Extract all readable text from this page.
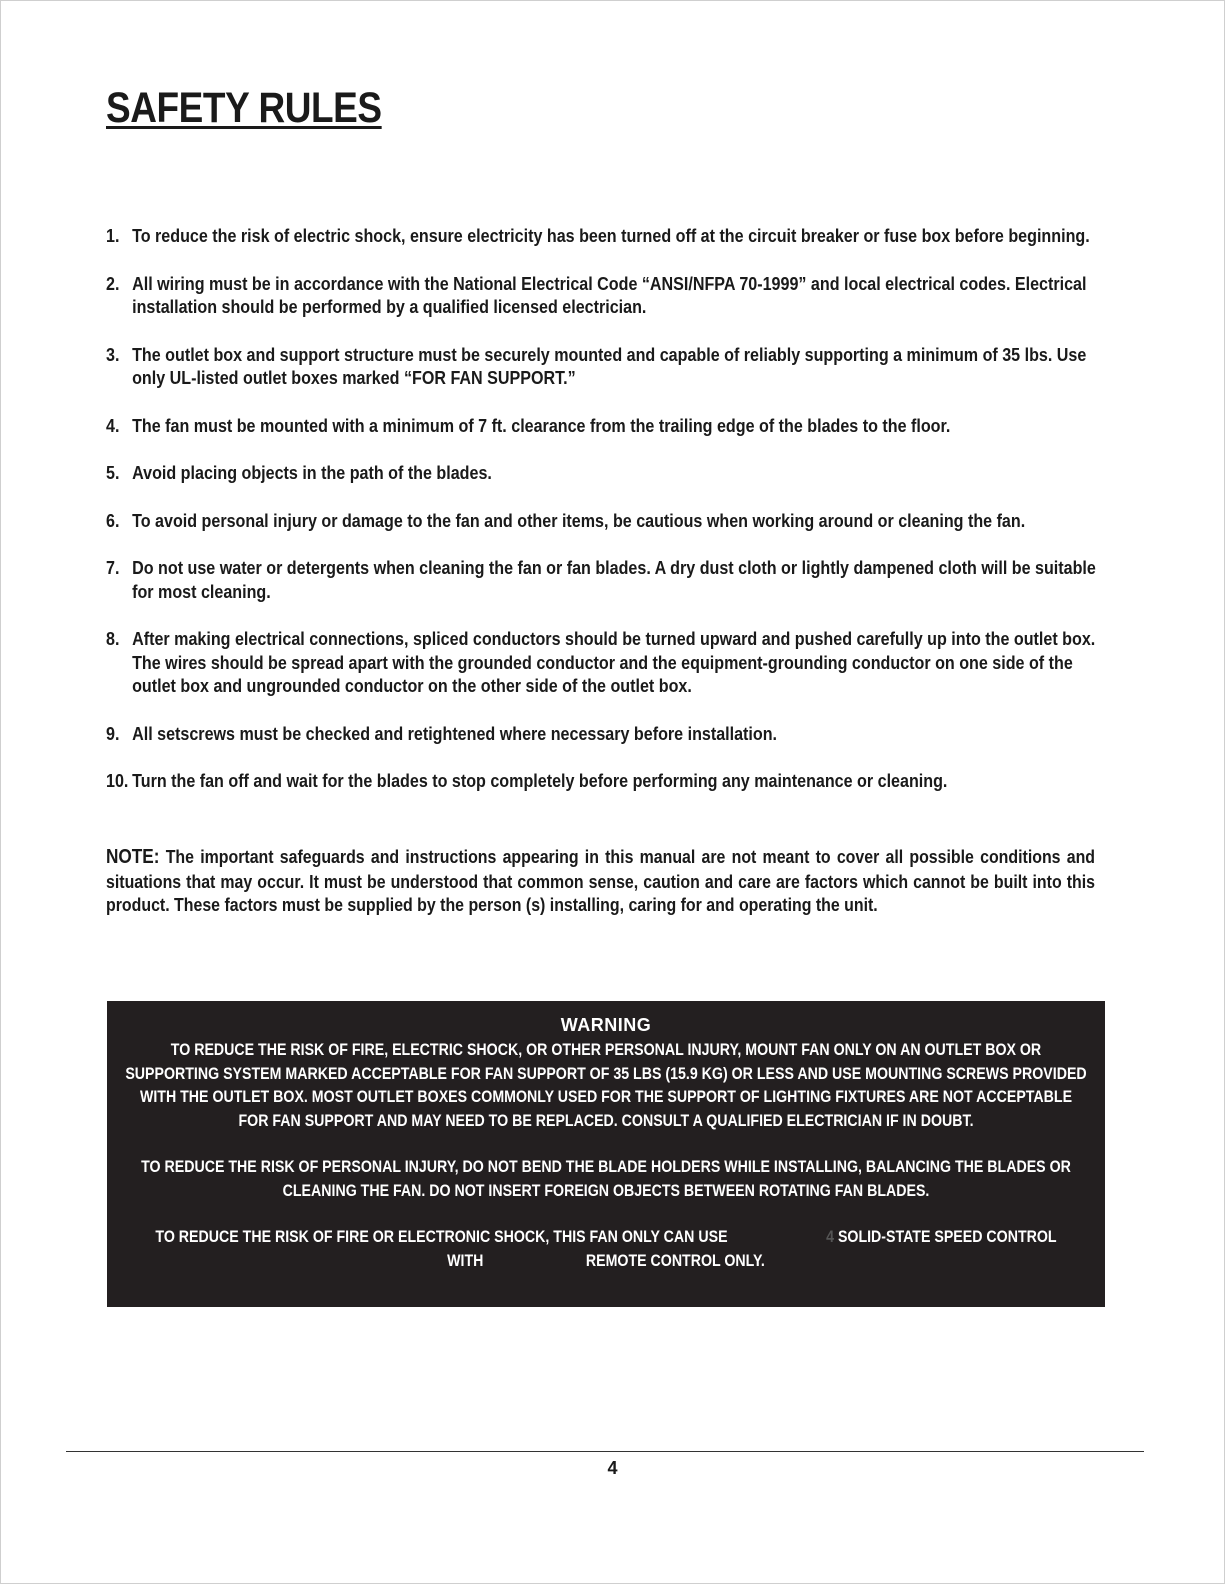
SAFETY RULES
1. To reduce the risk of electric shock, ensure electricity has been turned off at the circuit breaker or fuse box before beginning.
2. All wiring must be in accordance with the National Electrical Code “ANSI/NFPA 70-1999” and local electrical codes. Electrical installation should be performed by a qualified licensed electrician.
3. The outlet box and support structure must be securely mounted and capable of reliably supporting a minimum of 35 lbs. Use only UL-listed outlet boxes marked “FOR FAN SUPPORT.”
4. The fan must be mounted with a minimum of 7 ft. clearance from the trailing edge of the blades to the floor.
5. Avoid placing objects in the path of the blades.
6. To avoid personal injury or damage to the fan and other items, be cautious when working around or cleaning the fan.
7. Do not use water or detergents when cleaning the fan or fan blades. A dry dust cloth or lightly dampened cloth will be suitable for most cleaning.
8. After making electrical connections, spliced conductors should be turned upward and pushed carefully up into the outlet box. The wires should be spread apart with the grounded conductor and the equipment-grounding conductor on one side of the outlet box and ungrounded conductor on the other side of the outlet box.
9. All setscrews must be checked and retightened where necessary before installation.
10. Turn the fan off and wait for the blades to stop completely before performing any maintenance or cleaning.

NOTE: The important safeguards and instructions appearing in this manual are not meant to cover all possible conditions and situations that may occur. It must be understood that common sense, caution and care are factors which cannot be built into this product. These factors must be supplied by the person (s) installing, caring for and operating the unit.

WARNING

TO REDUCE THE RISK OF FIRE, ELECTRIC SHOCK, OR OTHER PERSONAL INJURY, MOUNT FAN ONLY ON AN OUTLET BOX OR SUPPORTING SYSTEM MARKED ACCEPTABLE FOR FAN SUPPORT OF 35 LBS (15.9 KG) OR LESS AND USE MOUNTING SCREWS PROVIDED WITH THE OUTLET BOX. MOST OUTLET BOXES COMMONLY USED FOR THE SUPPORT OF LIGHTING FIXTURES ARE NOT ACCEPTABLE FOR FAN SUPPORT AND MAY NEED TO BE REPLACED. CONSULT A QUALIFIED ELECTRICIAN IF IN DOUBT.

TO REDUCE THE RISK OF PERSONAL INJURY, DO NOT BEND THE BLADE HOLDERS WHILE INSTALLING, BALANCING THE BLADES OR CLEANING THE FAN. DO NOT INSERT FOREIGN OBJECTS BETWEEN ROTATING FAN BLADES.

TO REDUCE THE RISK OF FIRE OR ELECTRONIC SHOCK, THIS FAN ONLY CAN USE	4 SOLID-STATE SPEED CONTROL
WITH	REMOTE CONTROL ONLY.

4
